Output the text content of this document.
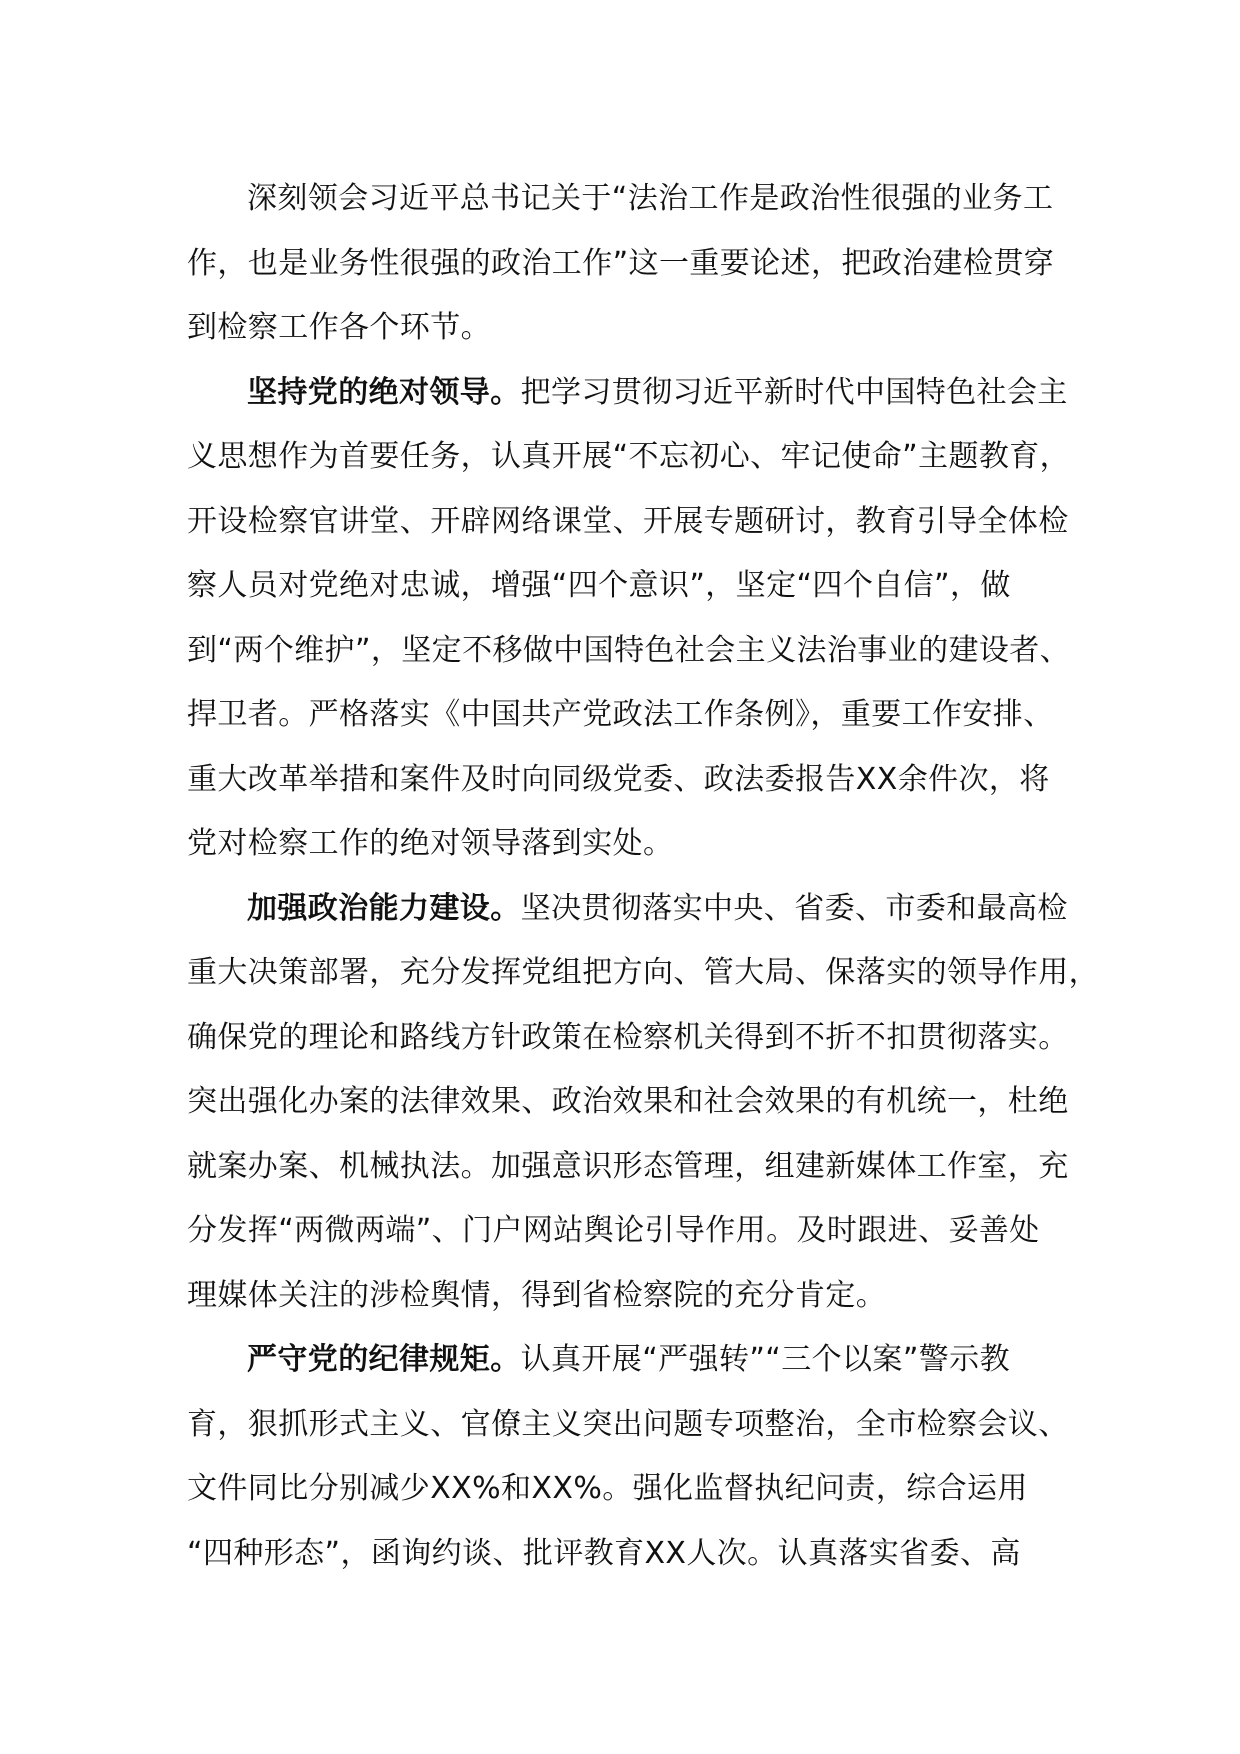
深刻领会习近平总书记关于“法治工作是政治性很强的业务工
作，也是业务性很强的政治工作”这一重要论述，把政治建检贯穿
到检察工作各个环节。
坚持党的绝对领导。把学习贯彻习近平新时代中国特色社会主
义思想作为首要任务，认真开展“不忘初心、牢记使命”主题教育，
开设检察官讲堂、开辟网络课堂、开展专题研讨，教育引导全体检
察人员对党绝对忠诚，增强“四个意识”，坚定“四个自信”，做
到“两个维护”，坚定不移做中国特色社会主义法治事业的建设者、
捍卫者。严格落实《中国共产党政法工作条例》，重要工作安排、
重大改革举措和案件及时向同级党委、政法委报告XX余件次，将
党对检察工作的绝对领导落到实处。
加强政治能力建设。坚决贯彻落实中央、省委、市委和最高检
重大决策部署，充分发挥党组把方向、管大局、保落实的领导作用，
确保党的理论和路线方针政策在检察机关得到不折不扣贯彻落实。
突出强化办案的法律效果、政治效果和社会效果的有机统一，杜绝
就案办案、机械执法。加强意识形态管理，组建新媒体工作室，充
分发挥“两微两端”、门户网站舆论引导作用。及时跟进、妥善处
理媒体关注的涉检舆情，得到省检察院的充分肯定。
严守党的纪律规矩。认真开展“严强转”“三个以案”警示教
育，狠抓形式主义、官僚主义突出问题专项整治，全市检察会议、
文件同比分别减少XX%和XX%。强化监督执纪问责，综合运用
“四种形态”，函询约谈、批评教育XX人次。认真落实省委、高
